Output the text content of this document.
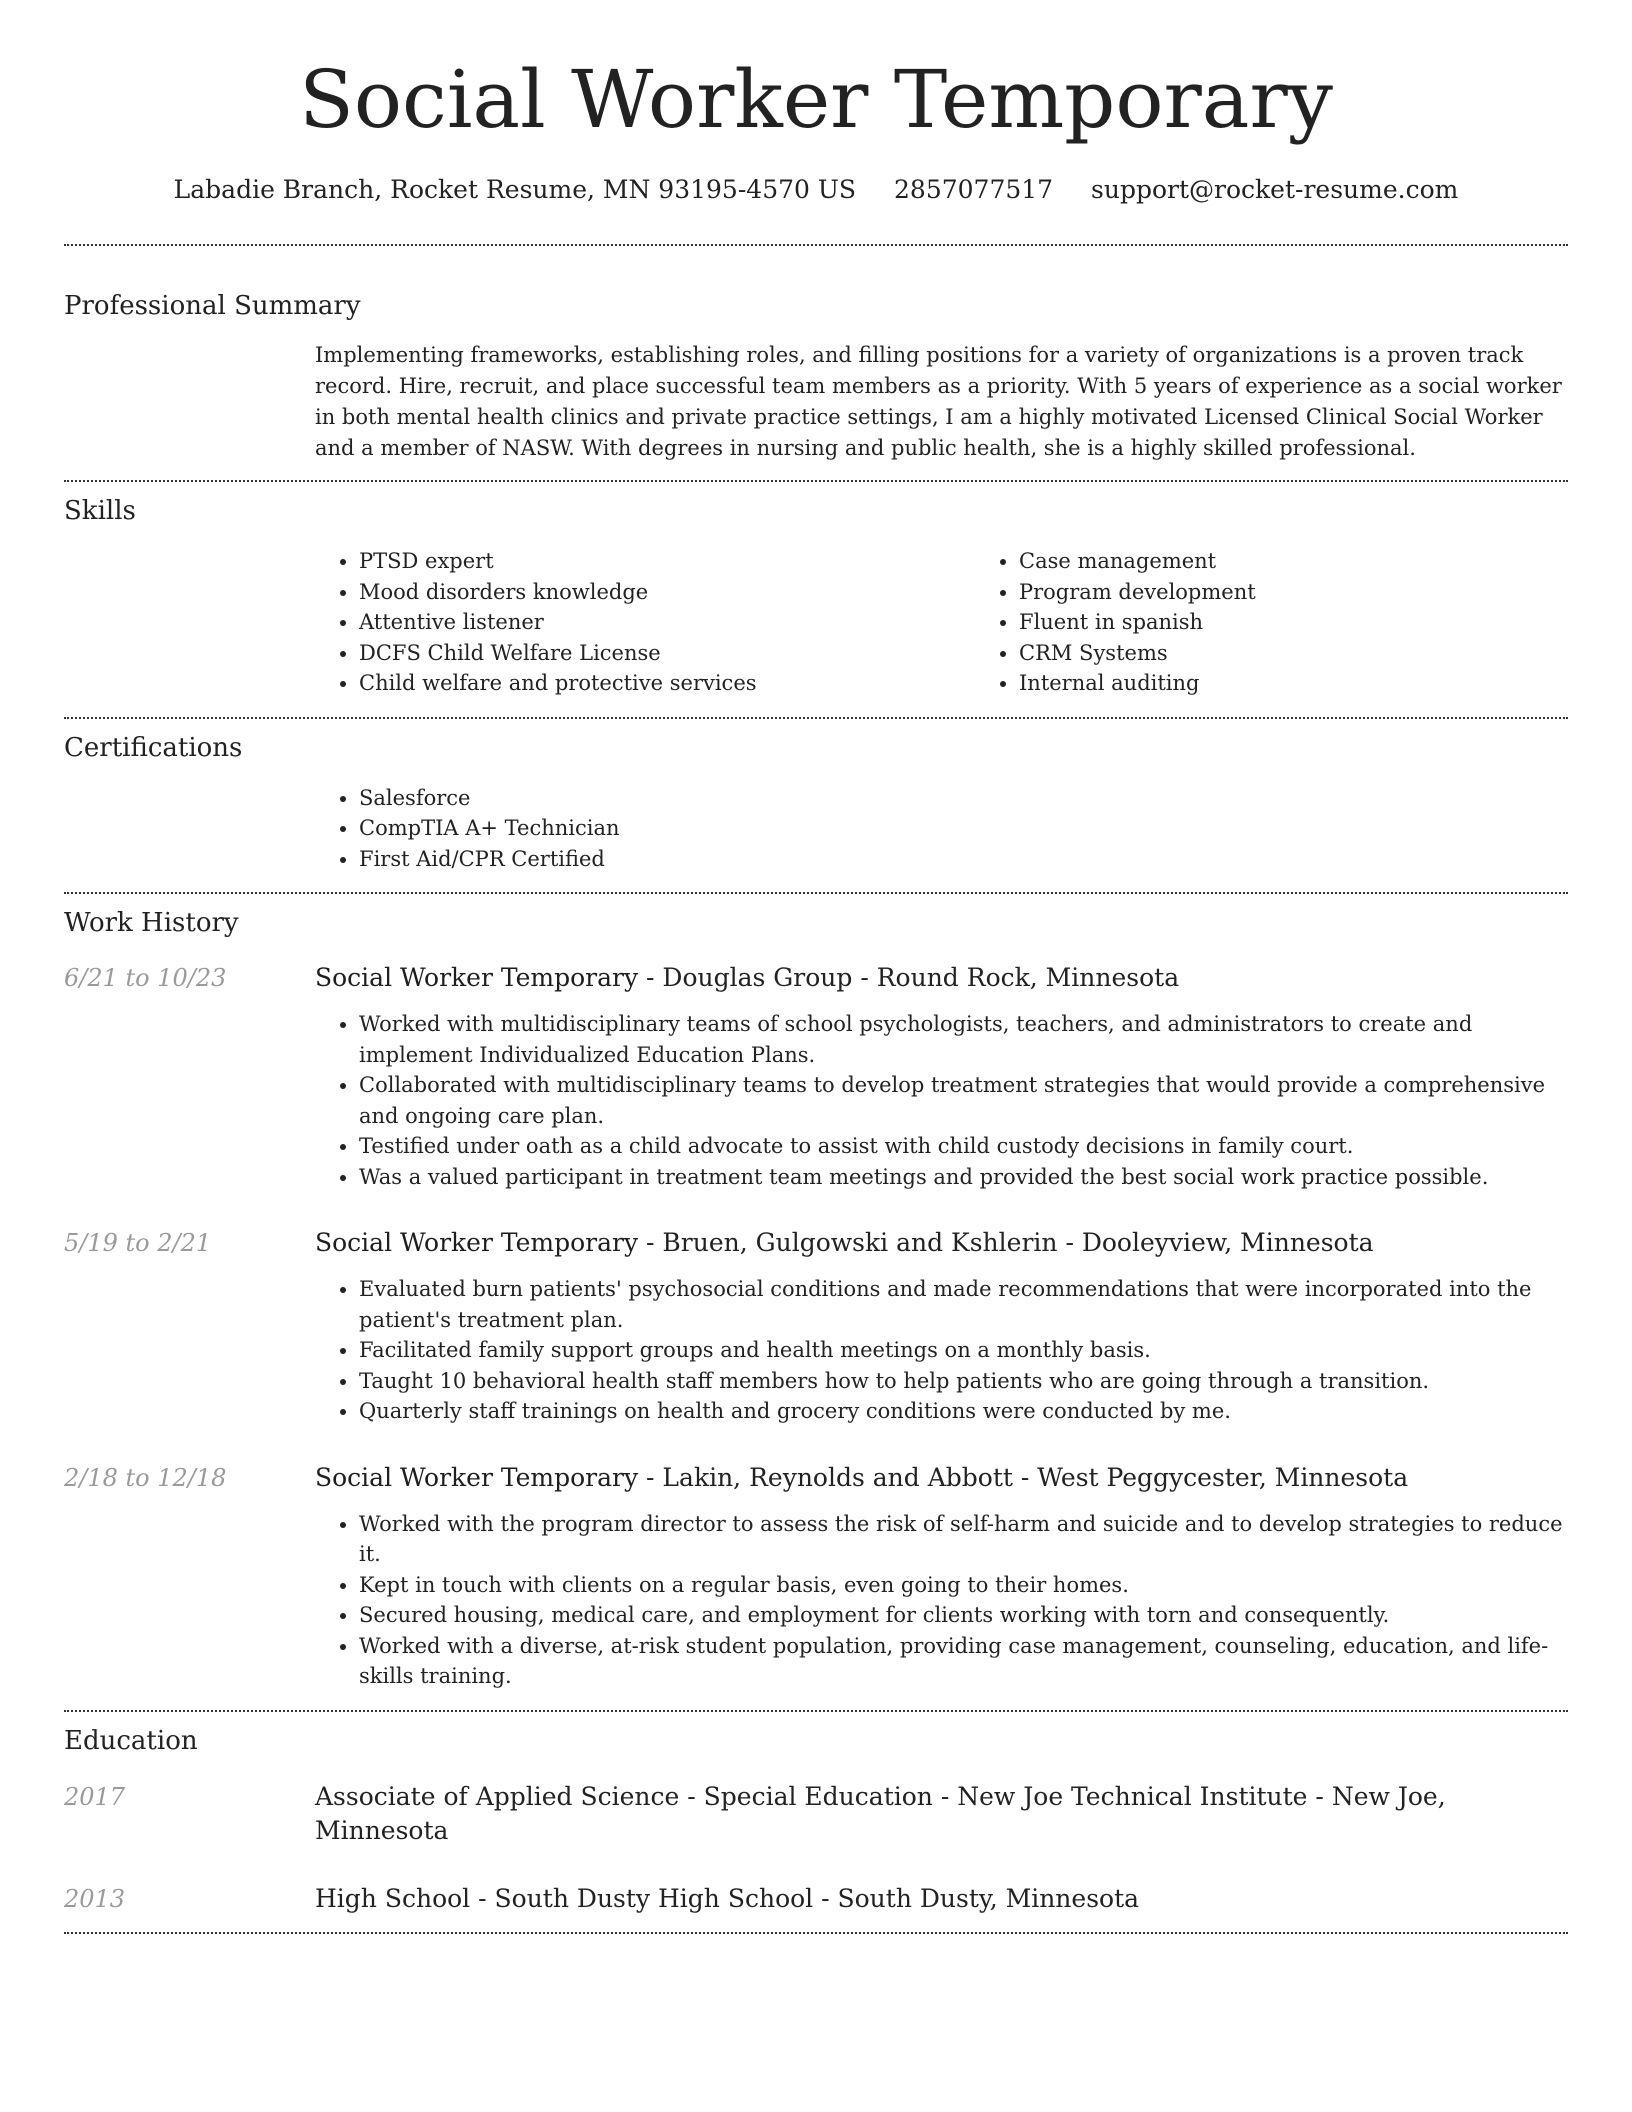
Social Worker Temporary
Labadie Branch, Rocket Resume, MN 93195-4570 US 2857077517 support@rocket-resume.com
Professional Summary

Implementing frameworks, establishing roles, and filling positions for a variety of organizations is a proven track record. Hire, recruit, and place successful team members as a priority. With 5 years of experience as a social worker in both mental health clinics and private practice settings, I am a highly motivated Licensed Clinical Social Worker and a member of NASW. With degrees in nursing and public health, she is a highly skilled professional.

Skills
• PTSD expert
• Mood disorders knowledge
• Attentive listener
• DCFS Child Welfare License
• Child welfare and protective services
• Case management
• Program development
• Fluent in spanish
• CRM Systems
• Internal auditing
Certifications
• Salesforce
• CompTIA A+ Technician
• First Aid/CPR Certified
Work History
6/21 to 10/23	Social Worker Temporary - Douglas Group - Round Rock, Minnesota
• Worked with multidisciplinary teams of school psychologists, teachers, and administrators to create and implement Individualized Education Plans.
• Collaborated with multidisciplinary teams to develop treatment strategies that would provide a comprehensive and ongoing care plan.
• Testified under oath as a child advocate to assist with child custody decisions in family court.
• Was a valued participant in treatment team meetings and provided the best social work practice possible.
5/19 to 2/21	Social Worker Temporary - Bruen, Gulgowski and Kshlerin - Dooleyview, Minnesota
• Evaluated burn patients' psychosocial conditions and made recommendations that were incorporated into the patient's treatment plan.
• Facilitated family support groups and health meetings on a monthly basis.
• Taught 10 behavioral health staff members how to help patients who are going through a transition.
• Quarterly staff trainings on health and grocery conditions were conducted by me.
2/18 to 12/18	Social Worker Temporary - Lakin, Reynolds and Abbott - West Peggycester, Minnesota
• Worked with the program director to assess the risk of self-harm and suicide and to develop strategies to reduce it.
• Kept in touch with clients on a regular basis, even going to their homes.
• Secured housing, medical care, and employment for clients working with torn and consequently.
• Worked with a diverse, at-risk student population, providing case management, counseling, education, and life-skills training.
Education
2017	Associate of Applied Science - Special Education - New Joe Technical Institute - New Joe, Minnesota
2013	High School - South Dusty High School - South Dusty, Minnesota
